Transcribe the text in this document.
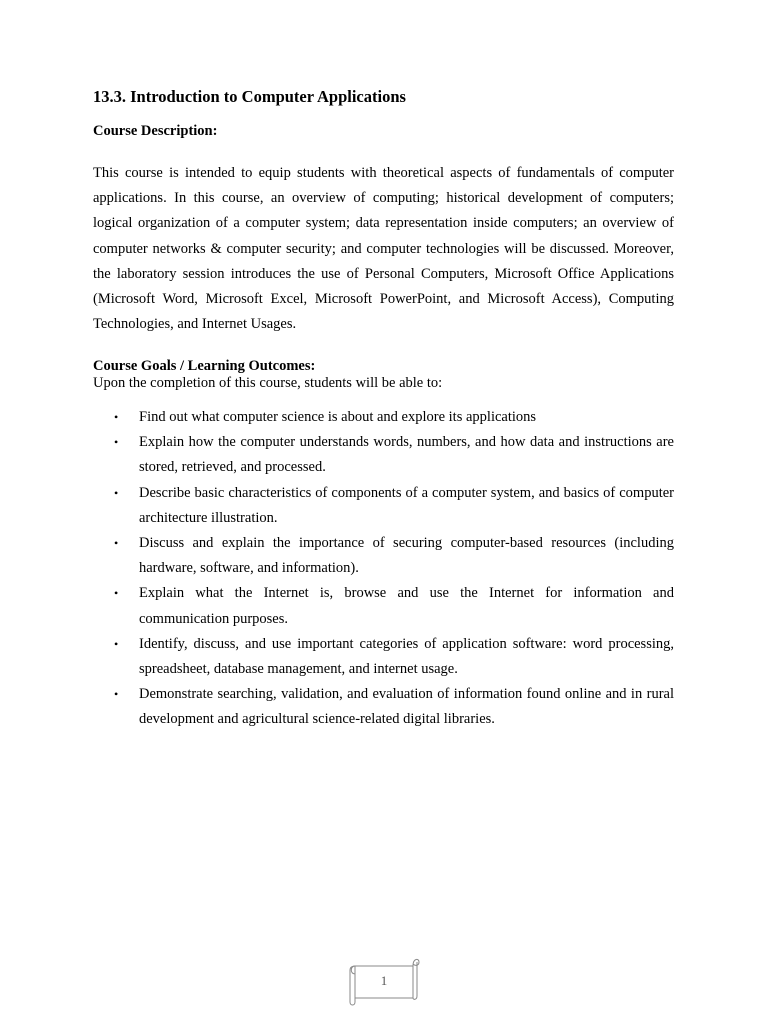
13.3. Introduction to Computer Applications
Course Description:
This course is intended to equip students with theoretical aspects of fundamentals of computer applications. In this course, an overview of computing; historical development of computers; logical organization of a computer system; data representation inside computers; an overview of computer networks & computer security; and computer technologies will be discussed. Moreover, the laboratory session introduces the use of Personal Computers, Microsoft Office Applications (Microsoft Word, Microsoft Excel, Microsoft PowerPoint, and Microsoft Access), Computing Technologies, and Internet Usages.
Course Goals / Learning Outcomes:
Upon the completion of this course, students will be able to:
• Find out what computer science is about and explore its applications
• Explain how the computer understands words, numbers, and how data and instructions are stored, retrieved, and processed.
• Describe basic characteristics of components of a computer system, and basics of computer architecture illustration.
• Discuss and explain the importance of securing computer-based resources (including hardware, software, and information).
• Explain what the Internet is, browse and use the Internet for information and communication purposes.
• Identify, discuss, and use important categories of application software: word processing, spreadsheet, database management, and internet usage.
• Demonstrate searching, validation, and evaluation of information found online and in rural development and agricultural science-related digital libraries.
1
